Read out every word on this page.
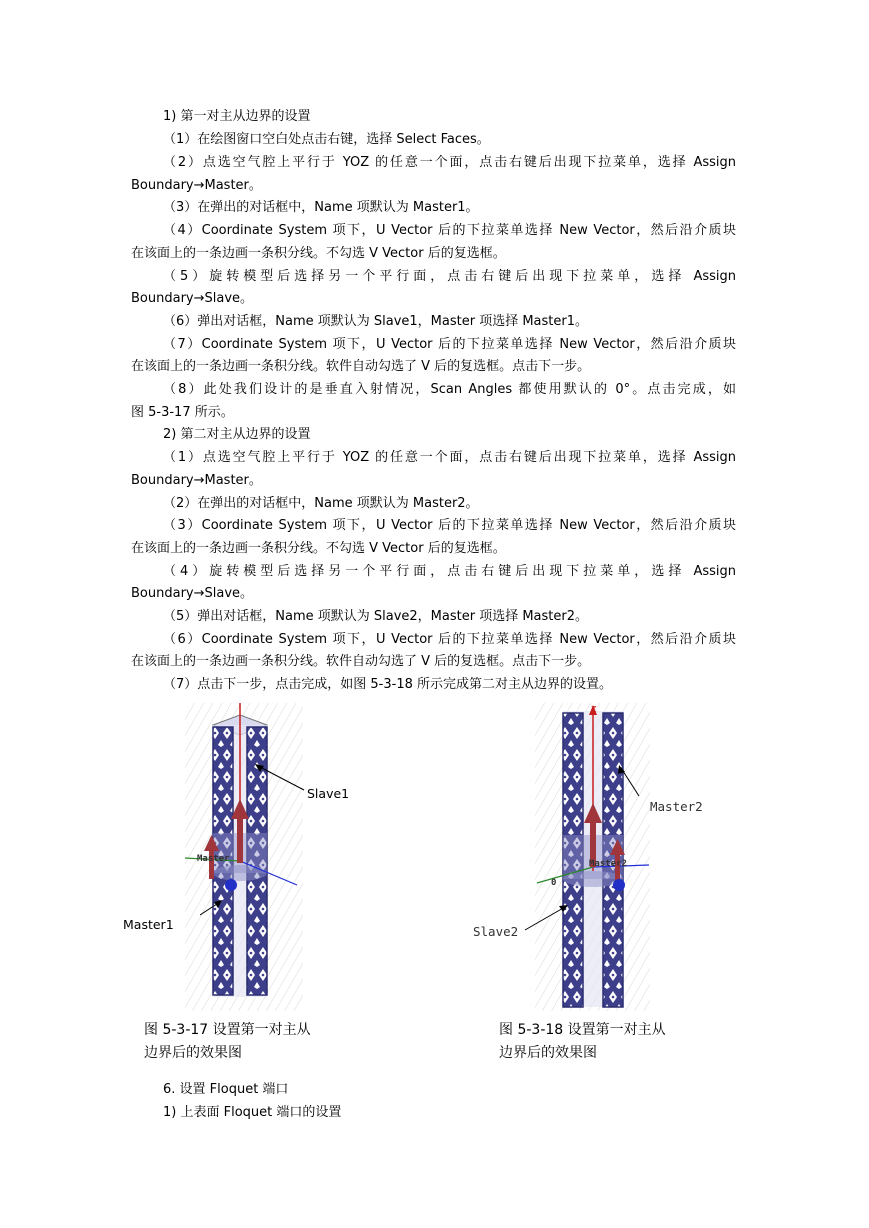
1) 第一对主从边界的设置
（1）在绘图窗口空白处点击右键，选择 Select Faces。
（2）点选空气腔上平行于 YOZ 的任意一个面，点击右键后出现下拉菜单，选择 Assign
Boundary→Master。
（3）在弹出的对话框中，Name 项默认为 Master1。
（4）Coordinate System 项下，U Vector 后的下拉菜单选择 New Vector，然后沿介质块
在该面上的一条边画一条积分线。不勾选 V Vector 后的复选框。
（5）旋转模型后选择另一个平行面，点击右键后出现下拉菜单，选择 Assign
Boundary→Slave。
（6）弹出对话框，Name 项默认为 Slave1，Master 项选择 Master1。
（7）Coordinate System 项下，U Vector 后的下拉菜单选择 New Vector，然后沿介质块
在该面上的一条边画一条积分线。软件自动勾选了 V 后的复选框。点击下一步。
（8）此处我们设计的是垂直入射情况，Scan Angles 都使用默认的 0°。点击完成，如
图 5-3-17 所示。
2) 第二对主从边界的设置
（1）点选空气腔上平行于 YOZ 的任意一个面，点击右键后出现下拉菜单，选择 Assign
Boundary→Master。
（2）在弹出的对话框中，Name 项默认为 Master2。
（3）Coordinate System 项下，U Vector 后的下拉菜单选择 New Vector，然后沿介质块
在该面上的一条边画一条积分线。不勾选 V Vector 后的复选框。
（4）旋转模型后选择另一个平行面，点击右键后出现下拉菜单，选择 Assign
Boundary→Slave。
（5）弹出对话框，Name 项默认为 Slave2，Master 项选择 Master2。
（6）Coordinate System 项下，U Vector 后的下拉菜单选择 New Vector，然后沿介质块
在该面上的一条边画一条积分线。软件自动勾选了 V 后的复选框。点击下一步。
（7）点击下一步，点击完成，如图 5-3-18 所示完成第二对主从边界的设置。
Master
Slave1
Master1
图 5-3-17 设置第一对主从
边界后的效果图
Z
0
Master2
Master2
Slave2
图 5-3-18 设置第一对主从
边界后的效果图
6. 设置 Floquet 端口
1) 上表面 Floquet 端口的设置
